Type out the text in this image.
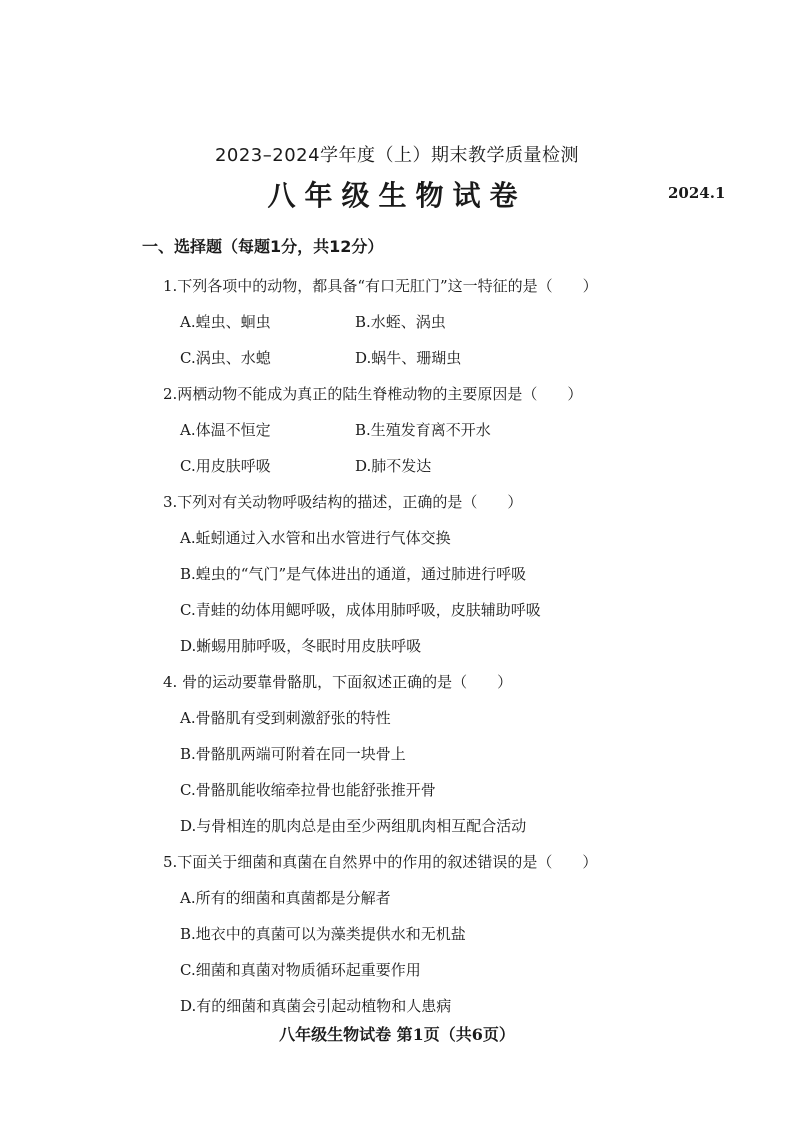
2023–2024学年度（上）期末教学质量检测
八年级生物试卷	2024.1
一、选择题（每题1分，共12分）
1.下列各项中的动物，都具备“有口无肛门”这一特征的是（　　）
A.蝗虫、蛔虫	B.水蛭、涡虫
C.涡虫、水螅	D.蜗牛、珊瑚虫
2.两栖动物不能成为真正的陆生脊椎动物的主要原因是（　　）
A.体温不恒定	B.生殖发育离不开水
C.用皮肤呼吸	D.肺不发达
3.下列对有关动物呼吸结构的描述，正确的是（　　）
A.蚯蚓通过入水管和出水管进行气体交换
B.蝗虫的“气门”是气体进出的通道，通过肺进行呼吸
C.青蛙的幼体用鳃呼吸，成体用肺呼吸，皮肤辅助呼吸
D.蜥蜴用肺呼吸，冬眠时用皮肤呼吸
4. 骨的运动要靠骨骼肌，下面叙述正确的是（　　）
A.骨骼肌有受到刺激舒张的特性
B.骨骼肌两端可附着在同一块骨上
C.骨骼肌能收缩牵拉骨也能舒张推开骨
D.与骨相连的肌肉总是由至少两组肌肉相互配合活动
5.下面关于细菌和真菌在自然界中的作用的叙述错误的是（　　）
A.所有的细菌和真菌都是分解者
B.地衣中的真菌可以为藻类提供水和无机盐
C.细菌和真菌对物质循环起重要作用
D.有的细菌和真菌会引起动植物和人患病
八年级生物试卷 第1页（共6页）
